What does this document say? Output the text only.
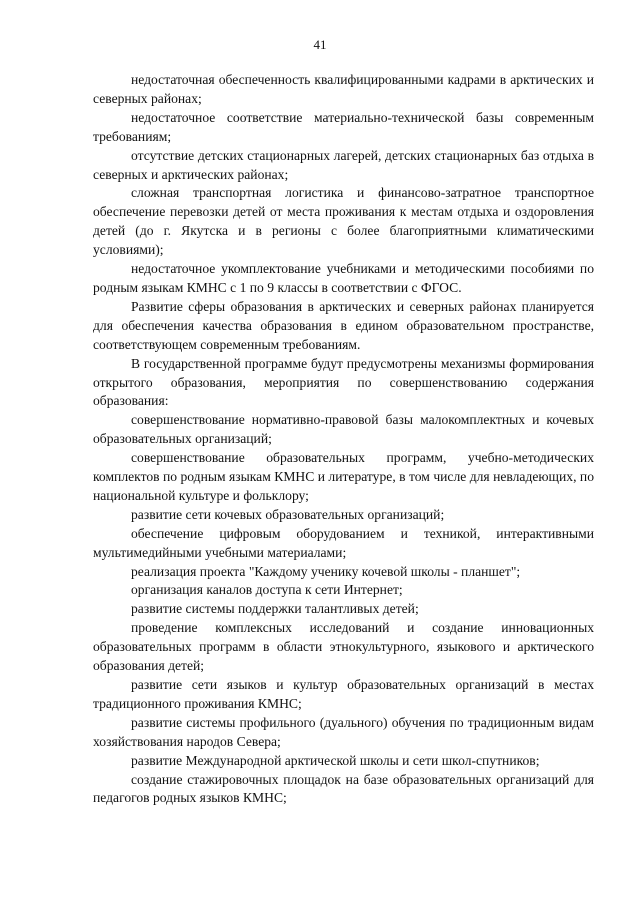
41

недостаточная обеспеченность квалифицированными кадрами в арктических и северных районах;

недостаточное соответствие материально-технической базы современным требованиям;

отсутствие детских стационарных лагерей, детских стационарных баз отдыха в северных и арктических районах;

сложная транспортная логистика и финансово-затратное транспортное обеспечение перевозки детей от места проживания к местам отдыха и оздоровления детей (до г. Якутска и в регионы с более благоприятными климатическими условиями);

недостаточное укомплектование учебниками и методическими пособиями по родным языкам КМНС с 1 по 9 классы в соответствии с ФГОС.

Развитие сферы образования в арктических и северных районах планируется для обеспечения качества образования в едином образовательном пространстве, соответствующем современным требованиям.

В государственной программе будут предусмотрены механизмы формирования открытого образования, мероприятия по совершенствованию содержания образования:

совершенствование нормативно-правовой базы малокомплектных и кочевых образовательных организаций;

совершенствование образовательных программ, учебно-методических комплектов по родным языкам КМНС и литературе, в том числе для невладеющих, по национальной культуре и фольклору;

развитие сети кочевых образовательных организаций;

обеспечение цифровым оборудованием и техникой, интерактивными мультимедийными учебными материалами;

реализация проекта "Каждому ученику кочевой школы - планшет";

организация каналов доступа к сети Интернет;

развитие системы поддержки талантливых детей;

проведение комплексных исследований и создание инновационных образовательных программ в области этнокультурного, языкового и арктического образования детей;

развитие сети языков и культур образовательных организаций в местах традиционного проживания КМНС;

развитие системы профильного (дуального) обучения по традиционным видам хозяйствования народов Севера;

развитие Международной арктической школы и сети школ-спутников;

создание стажировочных площадок на базе образовательных организаций для педагогов родных языков КМНС;
